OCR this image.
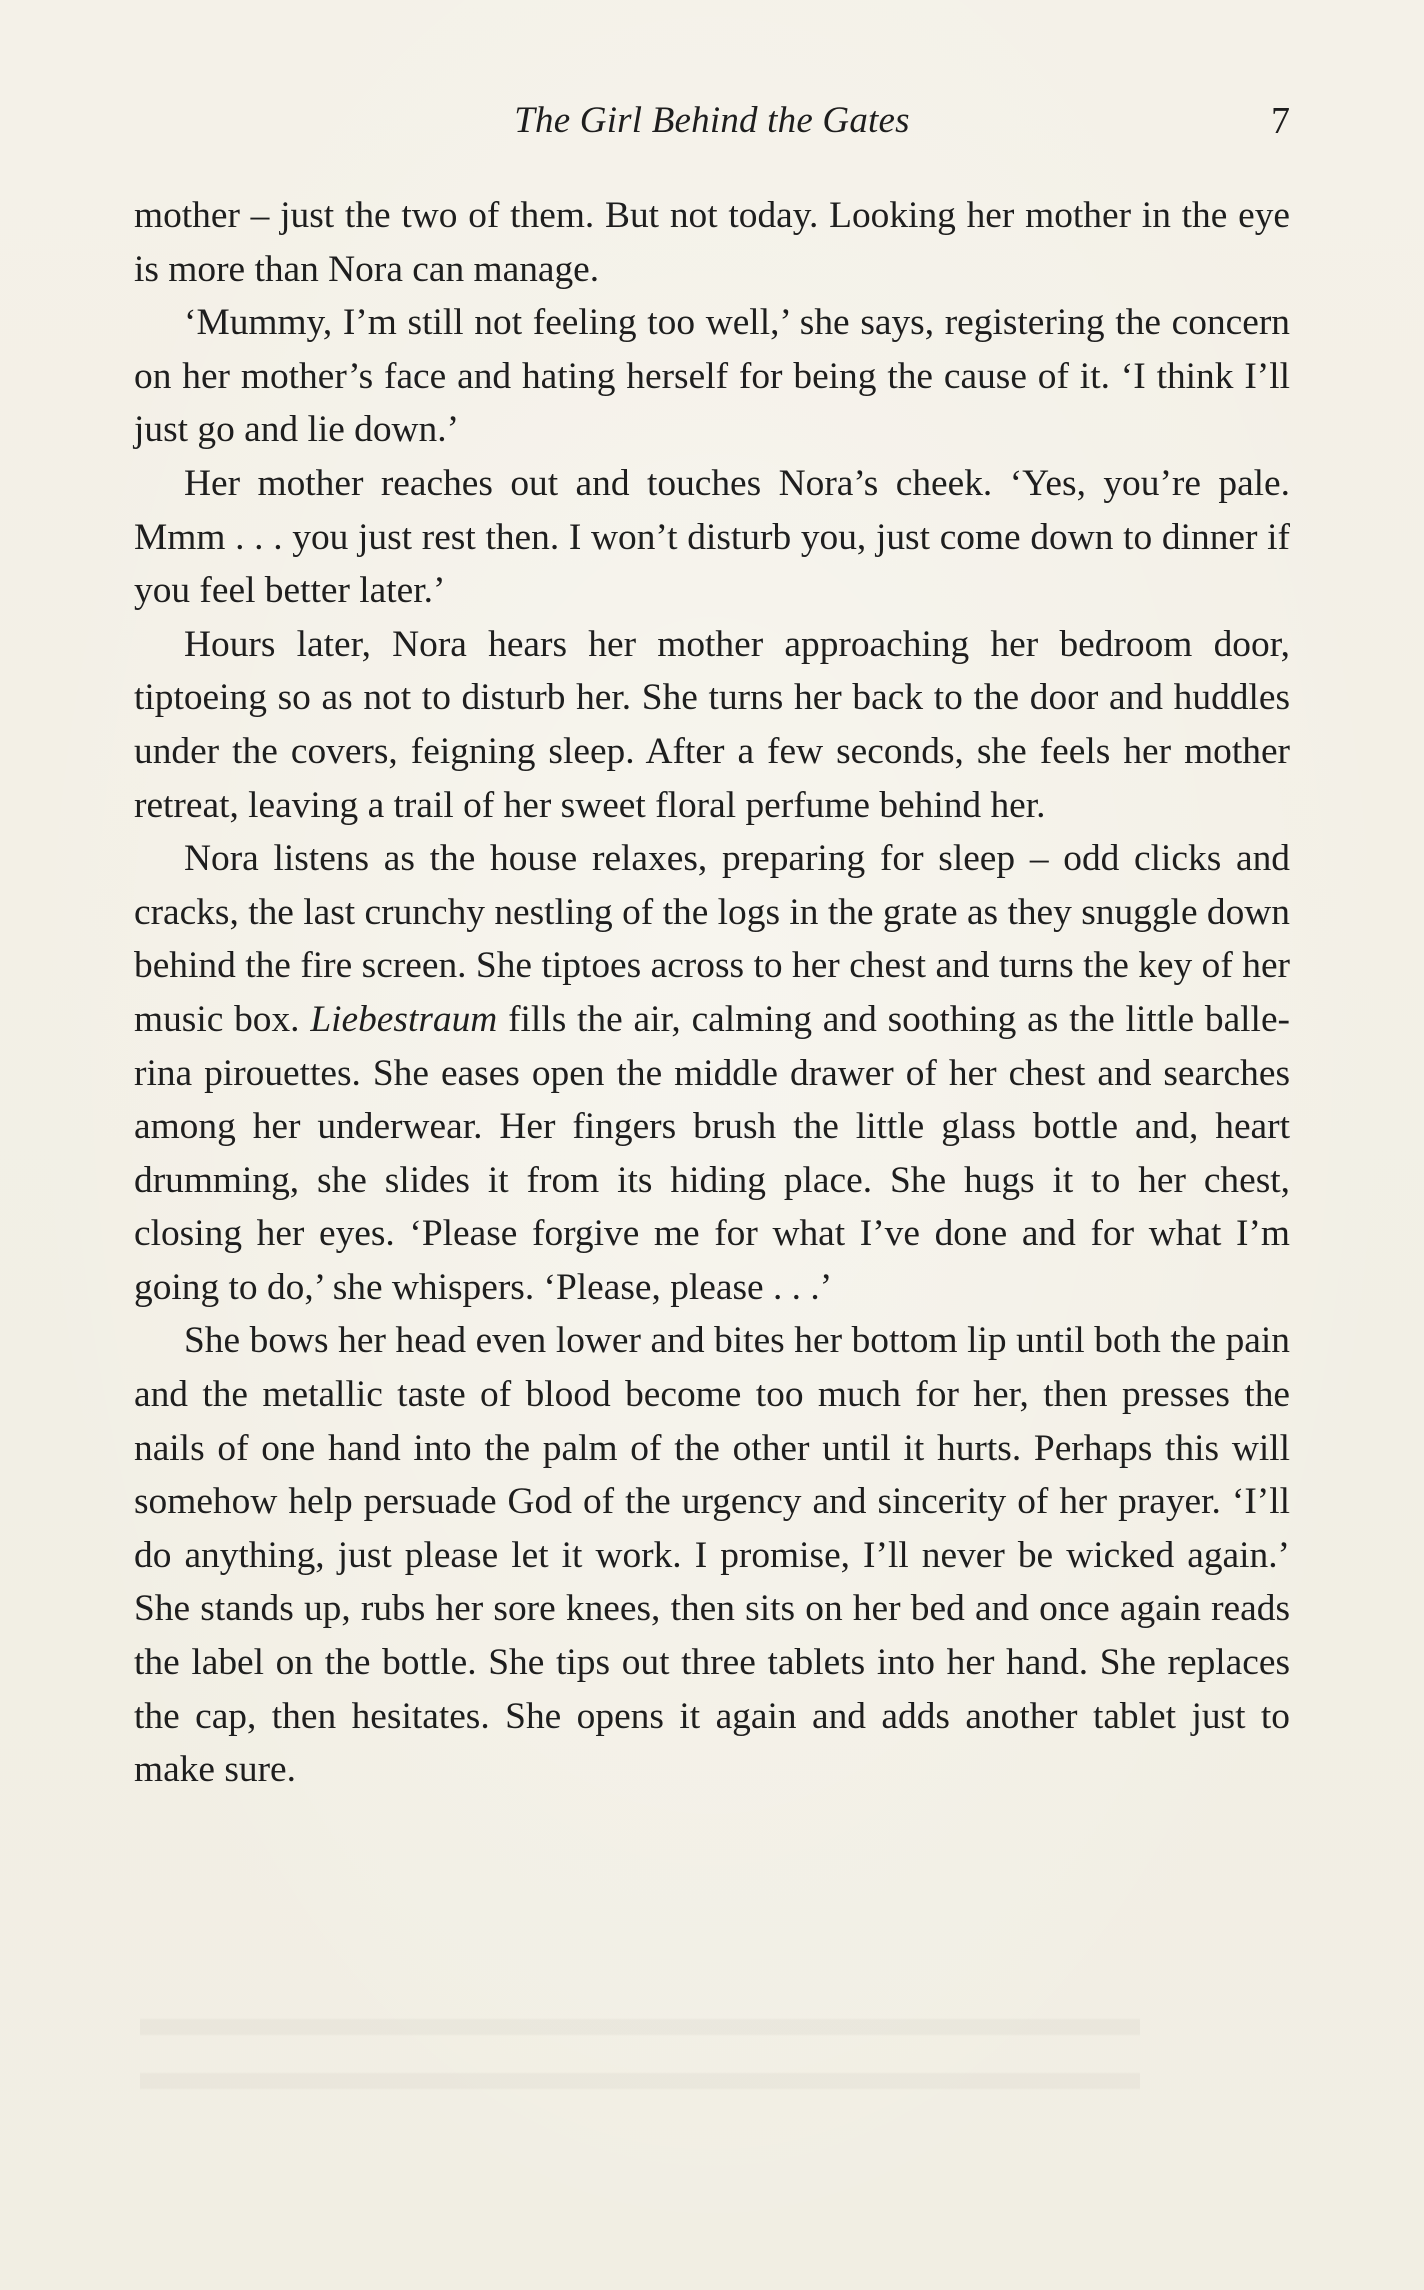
The Girl Behind the Gates	7

mother – just the two of them. But not today. Looking her mother in the eye is more than Nora can manage.

‘Mummy, I’m still not feeling too well,’ she says, registering the concern on her mother’s face and hating herself for being the cause of it. ‘I think I’ll just go and lie down.’

Her mother reaches out and touches Nora’s cheek. ‘Yes, you’re pale. Mmm . . . you just rest then. I won’t disturb you, just come down to dinner if you feel better later.’

Hours later, Nora hears her mother approaching her bedroom door, tiptoeing so as not to disturb her. She turns her back to the door and huddles under the covers, feigning sleep. After a few seconds, she feels her mother retreat, leaving a trail of her sweet floral perfume behind her.

Nora listens as the house relaxes, preparing for sleep – odd clicks and cracks, the last crunchy nestling of the logs in the grate as they snuggle down behind the fire screen. She tiptoes across to her chest and turns the key of her music box. Liebestraum fills the air, calming and soothing as the little ballerina pirouettes. She eases open the middle drawer of her chest and searches among her underwear. Her fingers brush the little glass bottle and, heart drumming, she slides it from its hiding place. She hugs it to her chest, closing her eyes. ‘Please forgive me for what I’ve done and for what I’m going to do,’ she whispers. ‘Please, please . . .’

She bows her head even lower and bites her bottom lip until both the pain and the metallic taste of blood become too much for her, then presses the nails of one hand into the palm of the other until it hurts. Perhaps this will somehow help persuade God of the urgency and sincerity of her prayer. ‘I’ll do anything, just please let it work. I promise, I’ll never be wicked again.’ She stands up, rubs her sore knees, then sits on her bed and once again reads the label on the bottle. She tips out three tablets into her hand. She replaces the cap, then hesitates. She opens it again and adds another tablet just to make sure.
